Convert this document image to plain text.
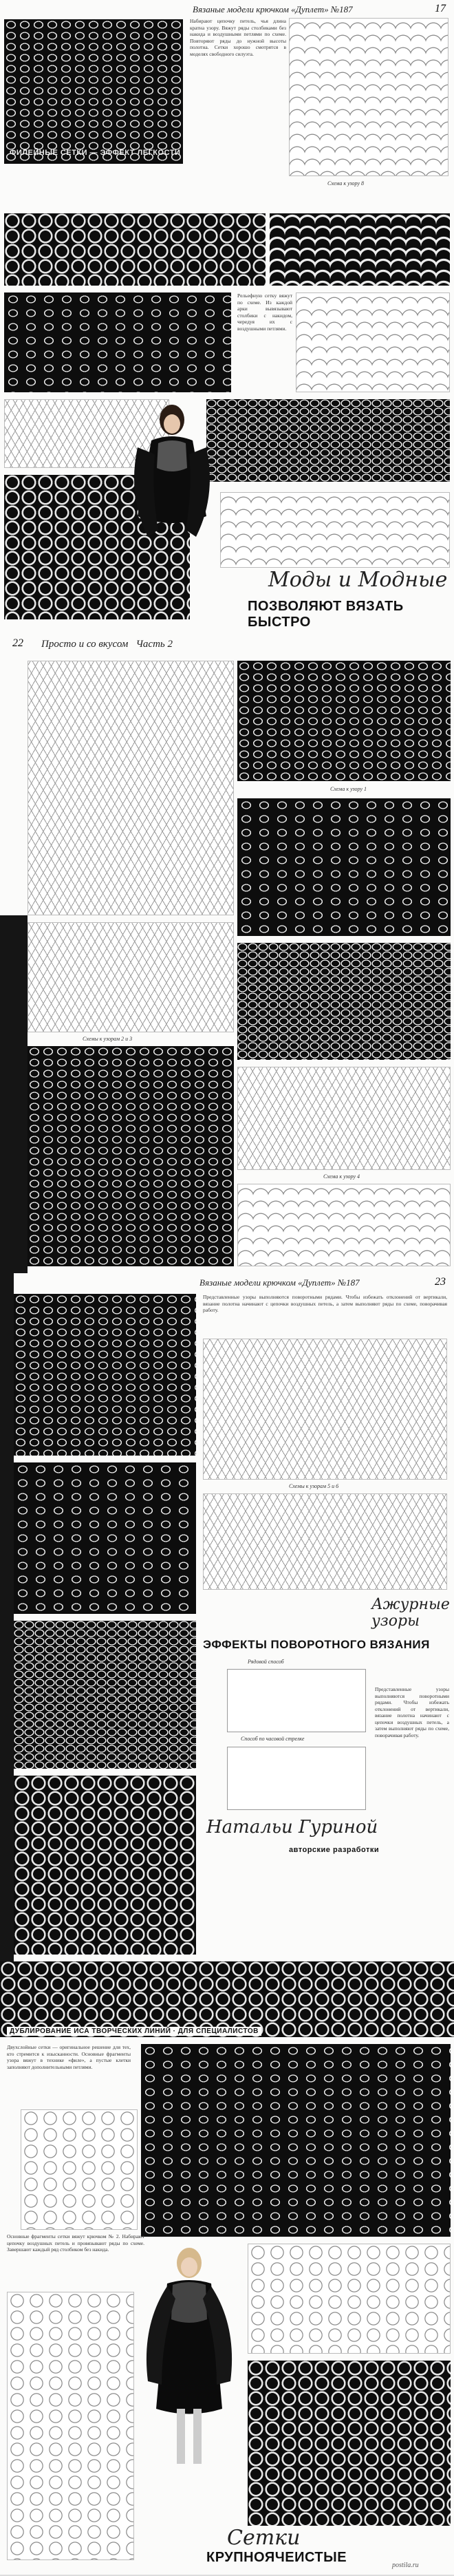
Вязаные модели крючком «Дуплет» №187	17
ФИЛЕЙНЫЕ СЕТКИ — ЭФФЕКТ ЛЕГКОСТИ
Набирают цепочку петель, чья длина кратна узору. Вяжут ряды столбиками без накида и воздушными петлями по схеме. Повторяют ряды до нужной высоты полотна. Сетки хорошо смотрятся в моделях свободного силуэта.
Схема к узору 8
Рельефную сетку вяжут по схеме. Из каждой арки вывязывают столбики с накидом, чередуя их с воздушными петлями.
Моды и Модные
ПОЗВОЛЯЮТ ВЯЗАТЬ БЫСТРО
22 Просто и со вкусом Часть 2
Схема к узору 1
Схемы к узорам 2 и 3
Схема к узору 4
Вязаные модели крючком «Дуплет» №187	23
Представленные узоры выполняются поворотными рядами. Чтобы избежать отклонений от вертикали, вязание полотна начинают с цепочки воздушных петель, а затем выполняют ряды по схеме, поворачивая работу.
Схемы к узорам 5 и 6
Ажурные узоры
ЭФФЕКТЫ ПОВОРОТНОГО ВЯЗАНИЯ
Рядовой способ
Способ по часовой стрелке
Натальи Гуриной
авторские разработки
Представленные узоры выполняются поворотными рядами. Чтобы избежать отклонений от вертикали, вязание полотна начинают с цепочки воздушных петель, а затем выполняют ряды по схеме, поворачивая работу.
ДУБЛИРОВАНИЕ ИСА ТВОРЧЕСКИХ ЛИНИЙ · ДЛЯ СПЕЦИАЛИСТОВ
Двухслойные сетки — оригинальное решение для тех, кто стремится к изысканности. Основные фрагменты узора вяжут в технике «филе», а пустые клетки заполняют дополнительными петлями.
Основные фрагменты сетки вяжут крючком № 2. Набирают цепочку воздушных петель и провязывают ряды по схеме. Завершают каждый ряд столбиком без накида.
Сетки
КРУПНОЯЧЕИСТЫЕ
postila.ru
